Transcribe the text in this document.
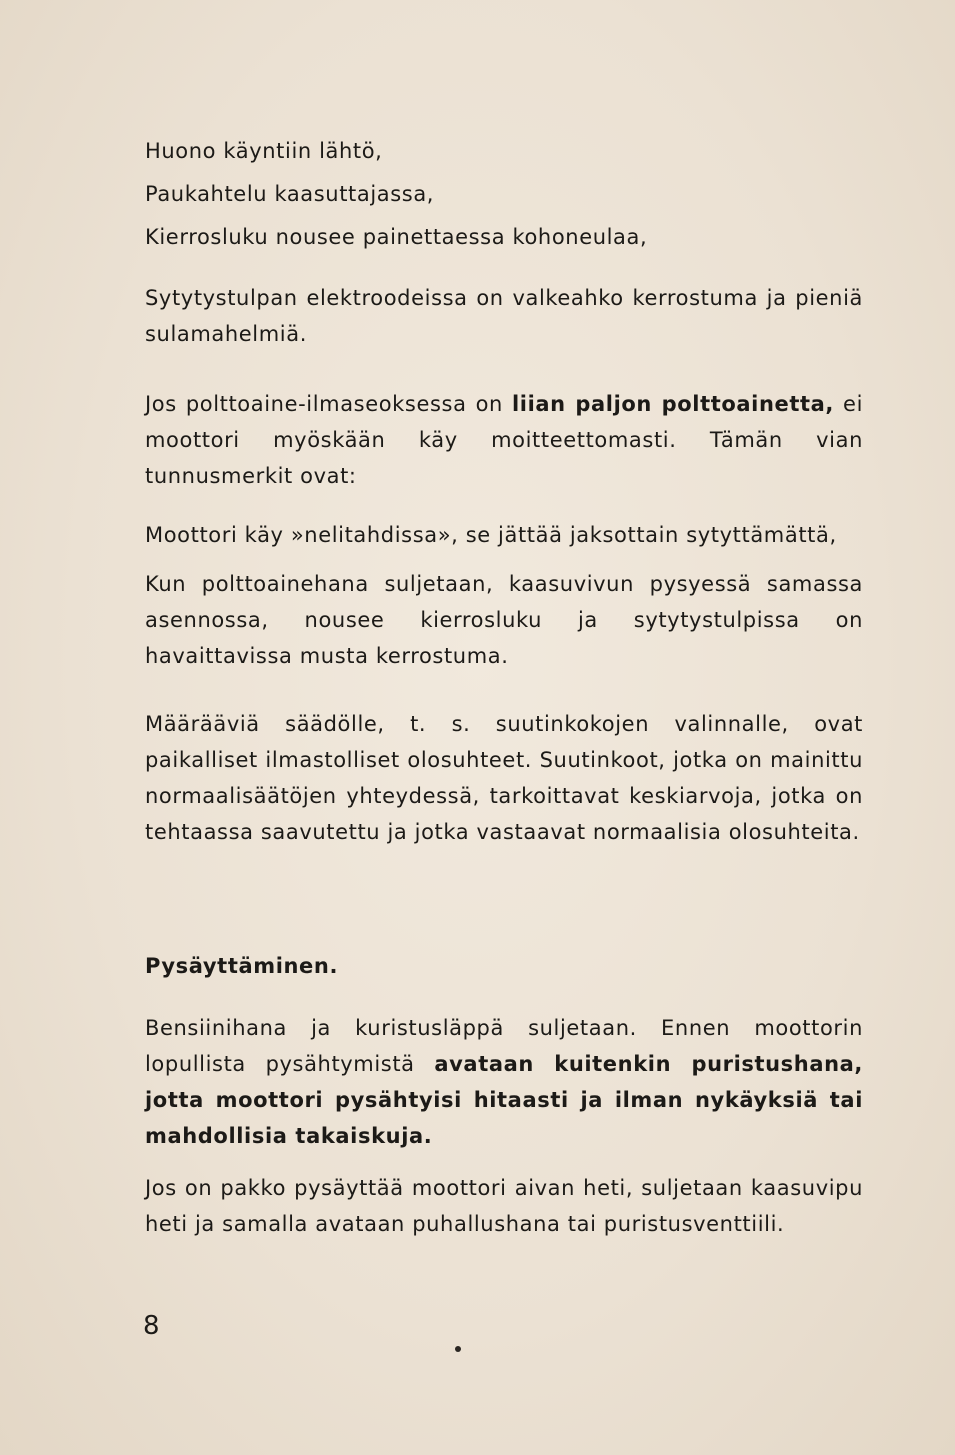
Huono käyntiin lähtö,
Paukahtelu kaasuttajassa,
Kierrosluku nousee painettaessa kohoneulaa,
Sytytystulpan elektroodeissa on valkeahko kerrostuma ja pieniä sulamahelmiä.
Jos polttoaine-ilmaseoksessa on liian paljon polttoainetta, ei moottori myöskään käy moitteettomasti. Tämän vian tunnusmerkit ovat:
Moottori käy »nelitahdissa», se jättää jaksottain sytyttämättä,
Kun polttoainehana suljetaan, kaasuvivun pysyessä samassa asennossa, nousee kierrosluku ja sytytystulpissa on havaittavissa musta kerrostuma.
Määrääviä säädölle, t. s. suutinkokojen valinnalle, ovat paikalliset ilmastolliset olosuhteet. Suutinkoot, jotka on mainittu normaalisäätöjen yhteydessä, tarkoittavat keskiarvoja, jotka on tehtaassa saavutettu ja jotka vastaavat normaalisia olosuhteita.
Pysäyttäminen.
Bensiinihana ja kuristusläppä suljetaan. Ennen moottorin lopullista pysähtymistä avataan kuitenkin puristushana, jotta moottori pysähtyisi hitaasti ja ilman nykäyksiä tai mahdollisia takaiskuja.
Jos on pakko pysäyttää moottori aivan heti, suljetaan kaasuvipu heti ja samalla avataan puhallushana tai puristusventtiili.
8
